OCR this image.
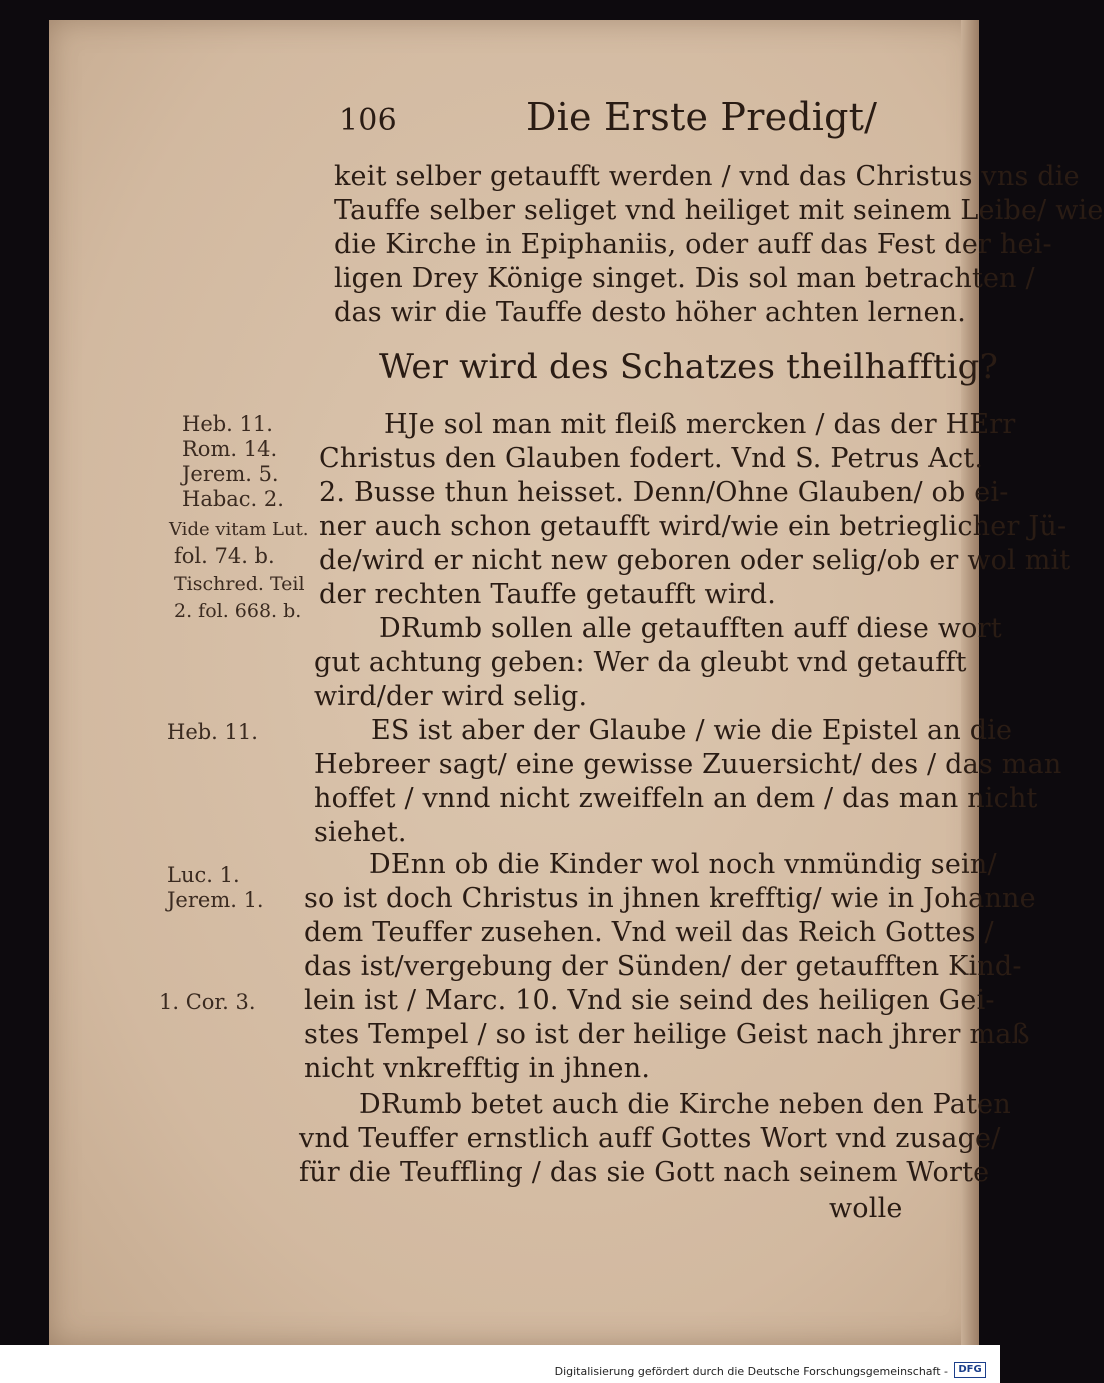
106	Die Erste Predigt/
keit selber getaufft werden / vnd das Christus vns die
Tauffe selber seliget vnd heiliget mit seinem Leibe/ wie
die Kirche in Epiphaniis, oder auff das Fest der hei-
ligen Drey Könige singet. Dis sol man betrachten /
das wir die Tauffe desto höher achten lernen.
Wer wird des Schatzes theilhafftig?
HJe sol man mit fleiß mercken / das der HErr
Christus den Glauben fodert. Vnd S. Petrus Act.
2. Busse thun heisset. Denn/Ohne Glauben/ ob ei-
ner auch schon getaufft wird/wie ein betrieglicher Jü-
de/wird er nicht new geboren oder selig/ob er wol mit
der rechten Tauffe getaufft wird.
DRumb sollen alle getaufften auff diese wort
gut achtung geben: Wer da gleubt vnd getaufft
wird/der wird selig.
ES ist aber der Glaube / wie die Epistel an die
Hebreer sagt/ eine gewisse Zuuersicht/ des / das man
hoffet / vnnd nicht zweiffeln an dem / das man nicht
siehet.
DEnn ob die Kinder wol noch vnmündig sein/
so ist doch Christus in jhnen krefftig/ wie in Johanne
dem Teuffer zusehen. Vnd weil das Reich Gottes /
das ist/vergebung der Sünden/ der getaufften Kind-
lein ist / Marc. 10. Vnd sie seind des heiligen Gei-
stes Tempel / so ist der heilige Geist nach jhrer maß
nicht vnkrefftig in jhnen.
DRumb betet auch die Kirche neben den Paten
vnd Teuffer ernstlich auff Gottes Wort vnd zusage/
für die Teuffling / das sie Gott nach seinem Worte
wolle
Heb. 11.
Rom. 14.
Jerem. 5.
Habac. 2.
Vide vitam Lut.
fol. 74. b.
Tischred. Teil
2. fol. 668. b.
Heb. 11.
Luc. 1.
Jerem. 1.
1. Cor. 3.
Digitalisierung gefördert durch die Deutsche Forschungsgemeinschaft -	DFG
